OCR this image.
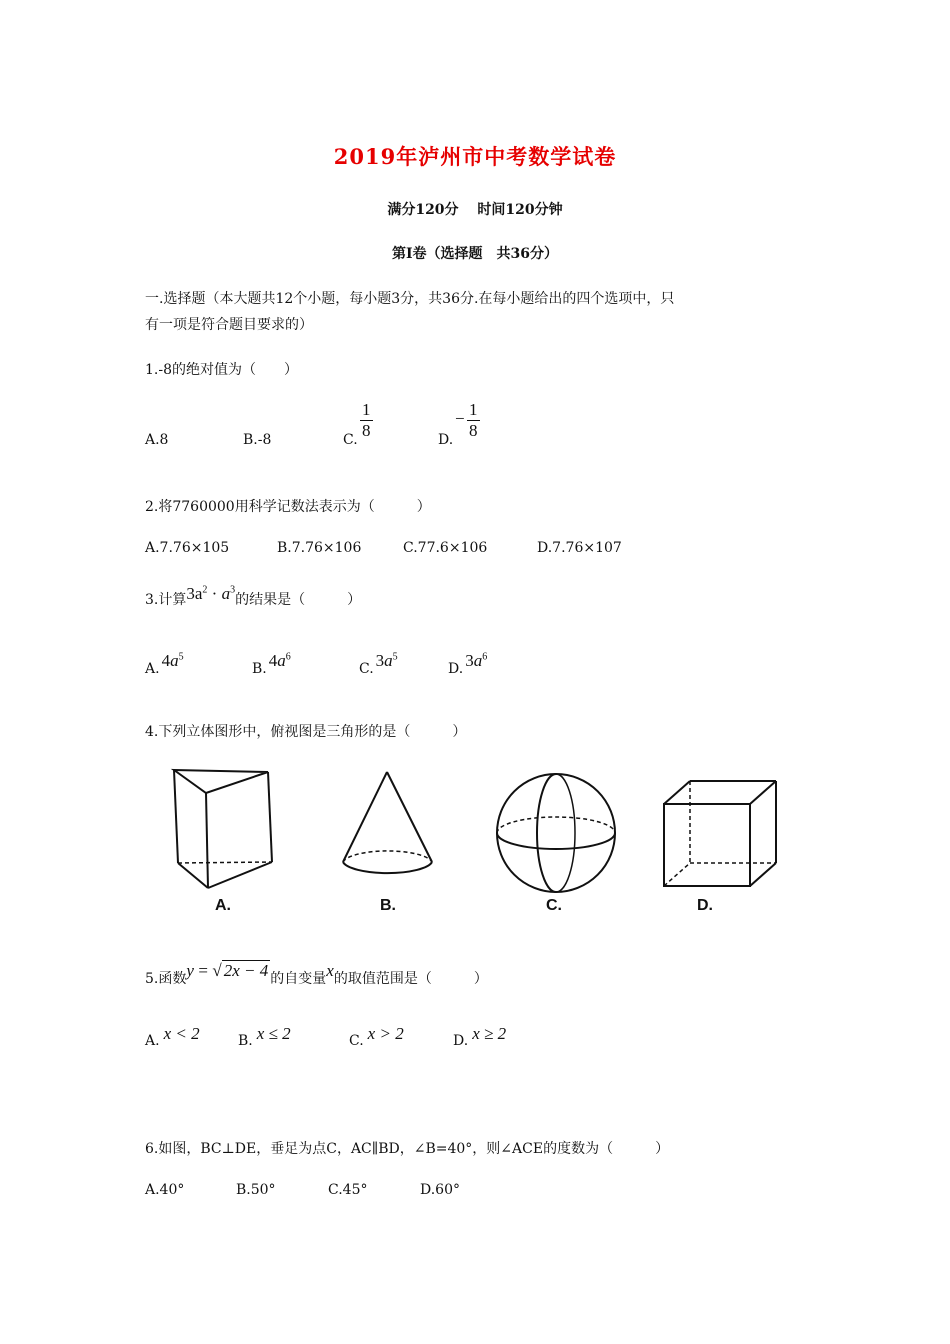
2019年泸州市中考数学试卷
满分120分　 时间120分钟
第Ⅰ卷（选择题　共36分）
一.选择题（本大题共12个小题，每小题3分，共36分.在每小题给出的四个选项中，只
有一项是符合题目要求的）
1.-8的绝对值为（　　）
A.8	B.-8	C. $\frac{1}{8}$	D.
− $\frac{1}{8}$
2.将7760000用科学记数法表示为（　　　）
A.7.76×105	B.7.76×106	C.77.6×106	D.7.76×107
3.计算$3a^2 \cdot a^3$的结果是（　　　）
A. $4a^5$
B. $4a^6$
C. $3a^5$
D. $3a^6$
4.下列立体图形中，俯视图是三角形的是（　　　）
A.	B.	C.	D.
5.函数y = √ 2x − 4 的自变量x的取值范围是（　　　）
A. x < 2	B. x ≤ 2	C. x > 2	D. x ≥ 2
6.如图，BC⊥DE，垂足为点C，AC∥BD，∠B=40°，则∠ACE的度数为（　　　）
A.40°	B.50°	C.45°	D.60°
